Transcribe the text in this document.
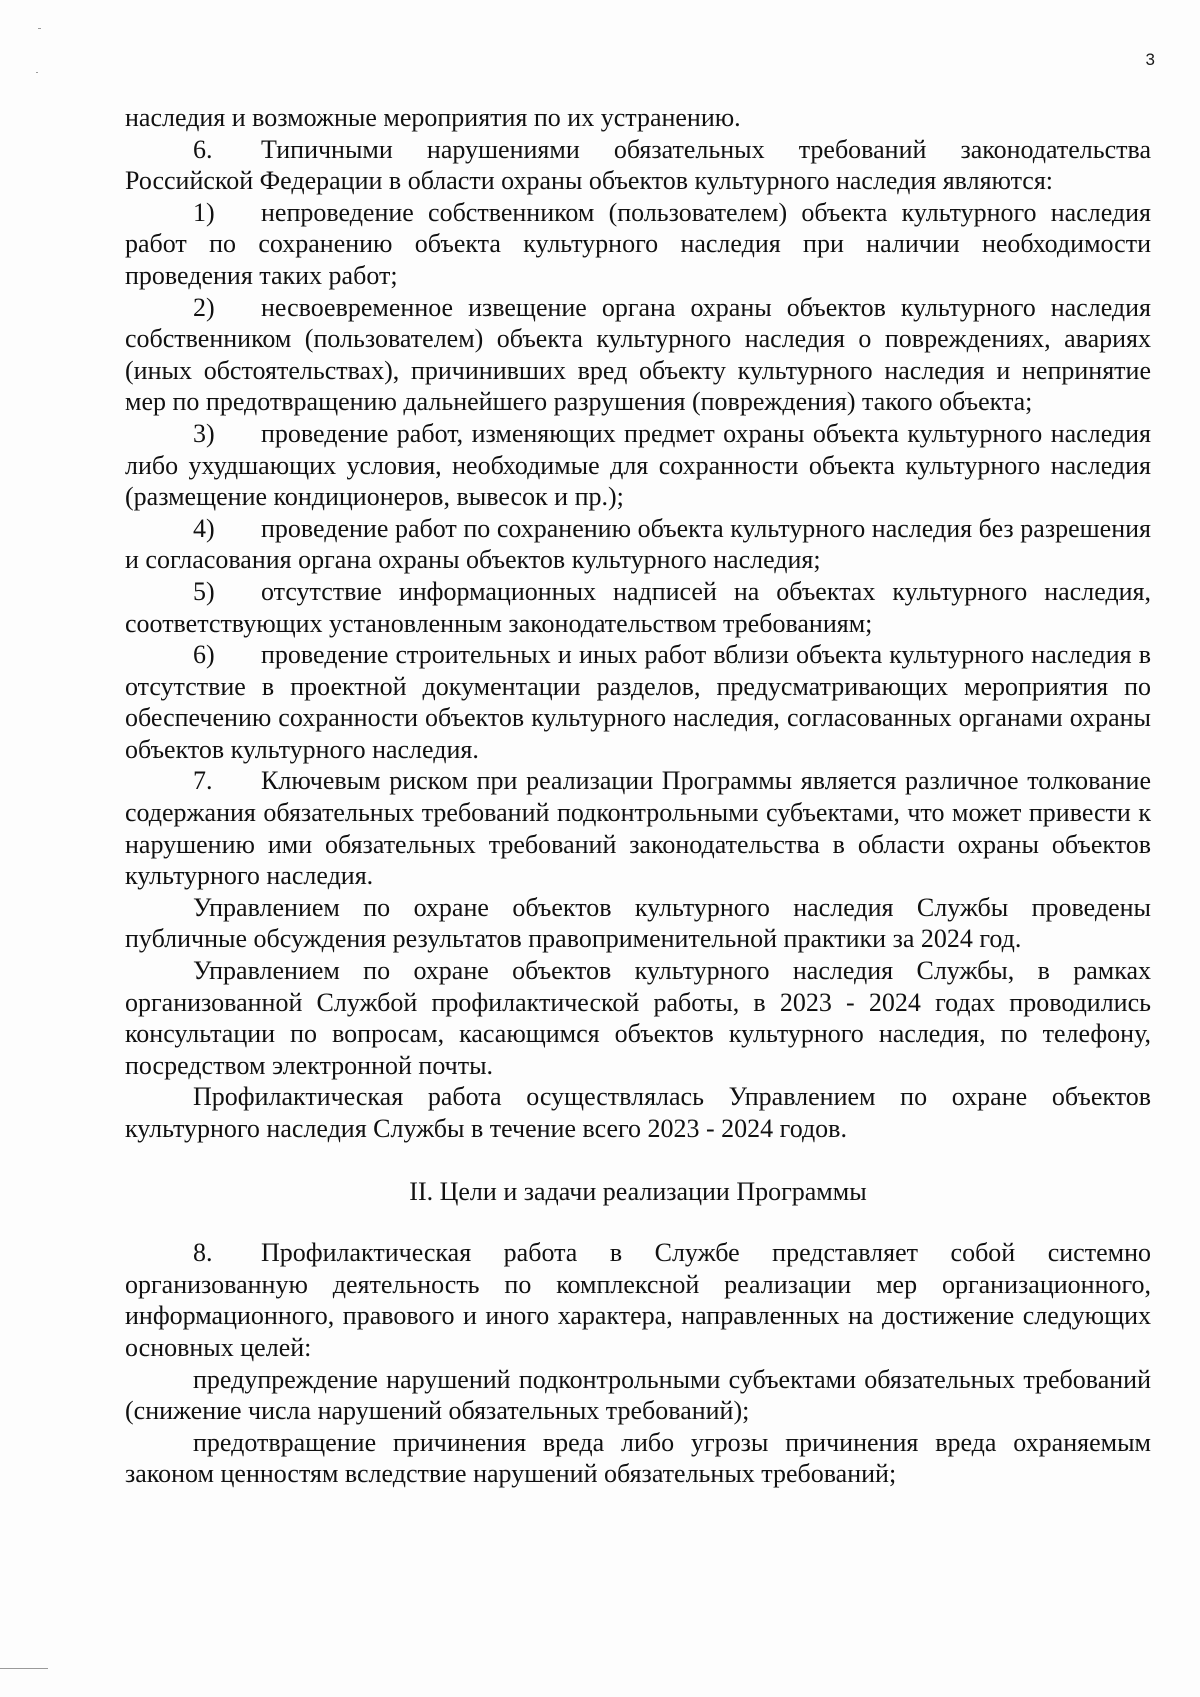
3

наследия и возможные мероприятия по их устранению.

6. Типичными нарушениями обязательных требований законодательства Российской Федерации в области охраны объектов культурного наследия являются:

1) непроведение собственником (пользователем) объекта культурного наследия работ по сохранению объекта культурного наследия при наличии необходимости проведения таких работ;

2) несвоевременное извещение органа охраны объектов культурного наследия собственником (пользователем) объекта культурного наследия о повреждениях, авариях (иных обстоятельствах), причинивших вред объекту культурного наследия и непринятие мер по предотвращению дальнейшего разрушения (повреждения) такого объекта;

3) проведение работ, изменяющих предмет охраны объекта культурного наследия либо ухудшающих условия, необходимые для сохранности объекта культурного наследия (размещение кондиционеров, вывесок и пр.);

4) проведение работ по сохранению объекта культурного наследия без разрешения и согласования органа охраны объектов культурного наследия;

5) отсутствие информационных надписей на объектах культурного наследия, соответствующих установленным законодательством требованиям;

6) проведение строительных и иных работ вблизи объекта культурного наследия в отсутствие в проектной документации разделов, предусматривающих мероприятия по обеспечению сохранности объектов культурного наследия, согласованных органами охраны объектов культурного наследия.

7. Ключевым риском при реализации Программы является различное толкование содержания обязательных требований подконтрольными субъектами, что может привести к нарушению ими обязательных требований законодательства в области охраны объектов культурного наследия.

Управлением по охране объектов культурного наследия Службы проведены публичные обсуждения результатов правоприменительной практики за 2024 год.

Управлением по охране объектов культурного наследия Службы, в рамках организованной Службой профилактической работы, в 2023 - 2024 годах проводились консультации по вопросам, касающимся объектов культурного наследия, по телефону, посредством электронной почты.

Профилактическая работа осуществлялась Управлением по охране объектов культурного наследия Службы в течение всего 2023 - 2024 годов.

II. Цели и задачи реализации Программы

8. Профилактическая работа в Службе представляет собой системно организованную деятельность по комплексной реализации мер организационного, информационного, правового и иного характера, направленных на достижение следующих основных целей:

предупреждение нарушений подконтрольными субъектами обязательных требований (снижение числа нарушений обязательных требований);

предотвращение причинения вреда либо угрозы причинения вреда охраняемым законом ценностям вследствие нарушений обязательных требований;
